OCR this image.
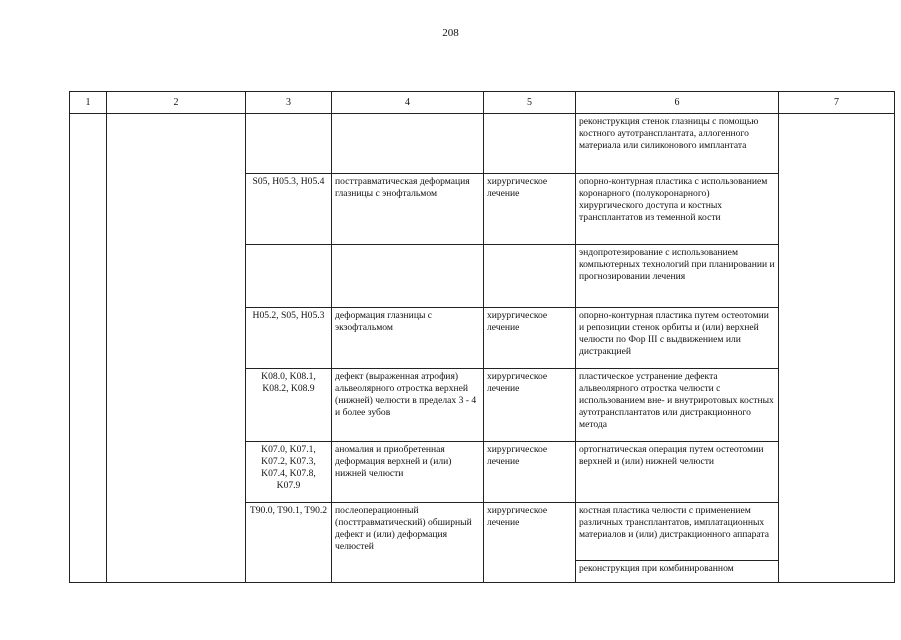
208
1	2	3	4	5	6	7
					реконструкция стенок глазницы с помощью костного аутотрансплантата, аллогенного материала или силиконового имплантата	
		S05, H05.3, H05.4	посттравматическая деформация глазницы с энофтальмом	хирургическое лечение	опорно-контурная пластика с использованием коронарного (полукоронарного) хирургического доступа и костных трансплантатов из теменной кости	
					эндопротезирование с использованием компьютерных технологий при планировании и прогнозировании лечения	
		H05.2, S05, H05.3	деформация глазницы с экзофтальмом	хирургическое лечение	опорно-контурная пластика путем остеотомии и репозиции стенок орбиты и (или) верхней челюсти по Фор III с выдвижением или дистракцией	
		K08.0, K08.1, K08.2, K08.9	дефект (выраженная атрофия) альвеолярного отростка верхней (нижней) челюсти в пределах 3 - 4 и более зубов	хирургическое лечение	пластическое устранение дефекта альвеолярного отростка челюсти с использованием вне- и внутриротовых костных аутотрансплантатов или дистракционного метода	
		K07.0, K07.1, K07.2, K07.3, K07.4, K07.8, K07.9	аномалия и приобретенная деформация верхней и (или) нижней челюсти	хирургическое лечение	ортогнатическая операция путем остеотомии верхней и (или) нижней челюсти	
		T90.0, T90.1, T90.2	послеоперационный (посттравматический) обширный дефект и (или) деформация челюстей	хирургическое лечение	костная пластика челюсти с применением различных трансплантатов, имплатационных материалов и (или) дистракционного аппарата	
					реконструкция при комбинированном	
